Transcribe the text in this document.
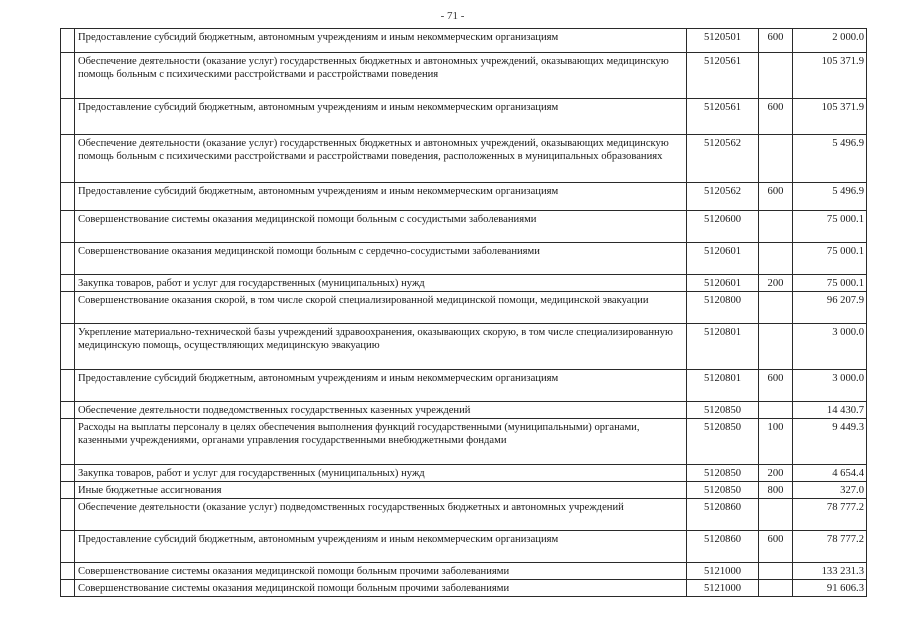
- 71 -
	Предоставление субсидий бюджетным, автономным учреждениям и иным некоммерческим организациям	5120501	600	2 000.0
	Обеспечение деятельности (оказание услуг) государственных бюджетных и автономных учреждений, оказывающих медицинскую помощь больным с психическими расстройствами и расстройствами поведения	5120561		105 371.9
	Предоставление субсидий бюджетным, автономным учреждениям и иным некоммерческим организациям	5120561	600	105 371.9
	Обеспечение деятельности (оказание услуг) государственных бюджетных и автономных учреждений, оказывающих медицинскую помощь больным с психическими расстройствами и расстройствами поведения, расположенных в муниципальных образованиях	5120562		5 496.9
	Предоставление субсидий бюджетным, автономным учреждениям и иным некоммерческим организациям	5120562	600	5 496.9
	Совершенствование системы оказания медицинской помощи больным с сосудистыми заболеваниями	5120600		75 000.1
	Совершенствование оказания медицинской помощи больным с сердечно-сосудистыми заболеваниями	5120601		75 000.1
	Закупка товаров, работ и услуг для государственных (муниципальных) нужд	5120601	200	75 000.1
	Совершенствование оказания скорой, в том числе скорой специализированной медицинской помощи, медицинской эвакуации	5120800		96 207.9
	Укрепление материально-технической базы учреждений здравоохранения, оказывающих скорую, в том числе специализированную медицинскую помощь, осуществляющих медицинскую эвакуацию	5120801		3 000.0
	Предоставление субсидий бюджетным, автономным учреждениям и иным некоммерческим организациям	5120801	600	3 000.0
	Обеспечение деятельности подведомственных государственных казенных учреждений	5120850		14 430.7
	Расходы на выплаты персоналу в целях обеспечения выполнения функций государственными (муниципальными) органами, казенными учреждениями, органами управления государственными внебюджетными фондами	5120850	100	9 449.3
	Закупка товаров, работ и услуг для государственных (муниципальных) нужд	5120850	200	4 654.4
	Иные бюджетные ассигнования	5120850	800	327.0
	Обеспечение деятельности (оказание услуг) подведомственных государственных бюджетных и автономных учреждений	5120860		78 777.2
	Предоставление субсидий бюджетным, автономным учреждениям и иным некоммерческим организациям	5120860	600	78 777.2
	Совершенствование системы оказания медицинской помощи больным прочими заболеваниями	5121000		133 231.3
	Совершенствование системы оказания медицинской помощи больным прочими заболеваниями	5121000		91 606.3
